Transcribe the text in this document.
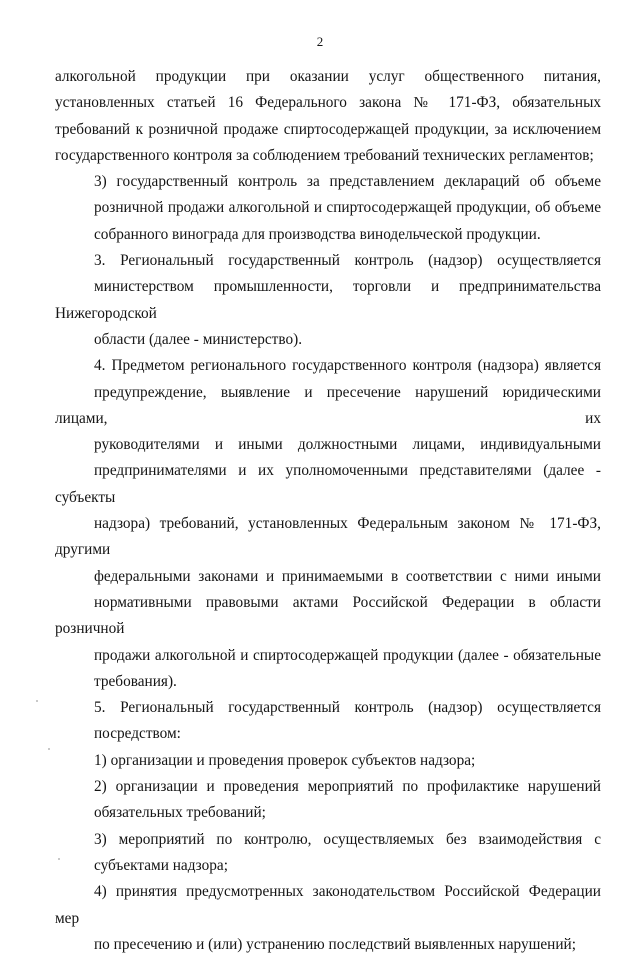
2

алкогольной продукции при оказании услуг общественного питания,
установленных статьей 16 Федерального закона № 171-ФЗ, обязательных
требований к розничной продаже спиртосодержащей продукции, за исключением
государственного контроля за соблюдением требований технических регламентов;

3) государственный контроль за представлением деклараций об объеме
розничной продажи алкогольной и спиртосодержащей продукции, об объеме
собранного винограда для производства винодельческой продукции.

3. Региональный государственный контроль (надзор) осуществляется
министерством промышленности, торговли и предпринимательства Нижегородской
области (далее - министерство).

4. Предметом регионального государственного контроля (надзора) является
предупреждение, выявление и пресечение нарушений юридическими лицами, их
руководителями и иными должностными лицами, индивидуальными
предпринимателями и их уполномоченными представителями (далее - субъекты
надзора) требований, установленных Федеральным законом № 171-ФЗ, другими
федеральными законами и принимаемыми в соответствии с ними иными
нормативными правовыми актами Российской Федерации в области розничной
продажи алкогольной и спиртосодержащей продукции (далее - обязательные
требования).

5. Региональный государственный контроль (надзор) осуществляется
посредством:

1) организации и проведения проверок субъектов надзора;

2) организации и проведения мероприятий по профилактике нарушений
обязательных требований;

3) мероприятий по контролю, осуществляемых без взаимодействия с
субъектами надзора;

4) принятия предусмотренных законодательством Российской Федерации мер
по пресечению и (или) устранению последствий выявленных нарушений;
